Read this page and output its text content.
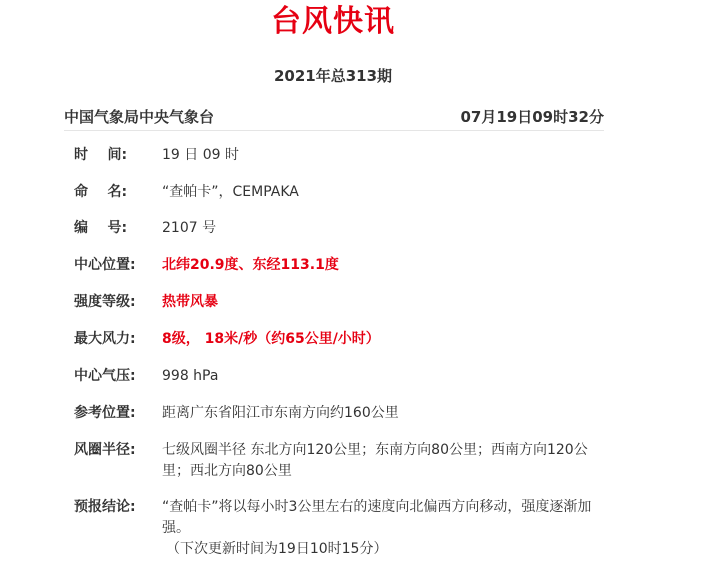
台风快讯
2021年总313期
中国气象局中央气象台	07月19日09时32分
时    间:	19 日 09 时
命    名:	“查帕卡”，CEMPAKA
编    号:	2107 号
中心位置:	北纬20.9度、东经113.1度
强度等级:	热带风暴
最大风力:	8级， 18米/秒（约65公里/小时）
中心气压:	998 hPa
参考位置:	距离广东省阳江市东南方向约160公里
风圈半径:	七级风圈半径 东北方向120公里；东南方向80公里；西南方向120公里；西北方向80公里
预报结论:	“查帕卡”将以每小时3公里左右的速度向北偏西方向移动，强度逐渐加强。
（下次更新时间为19日10时15分）
